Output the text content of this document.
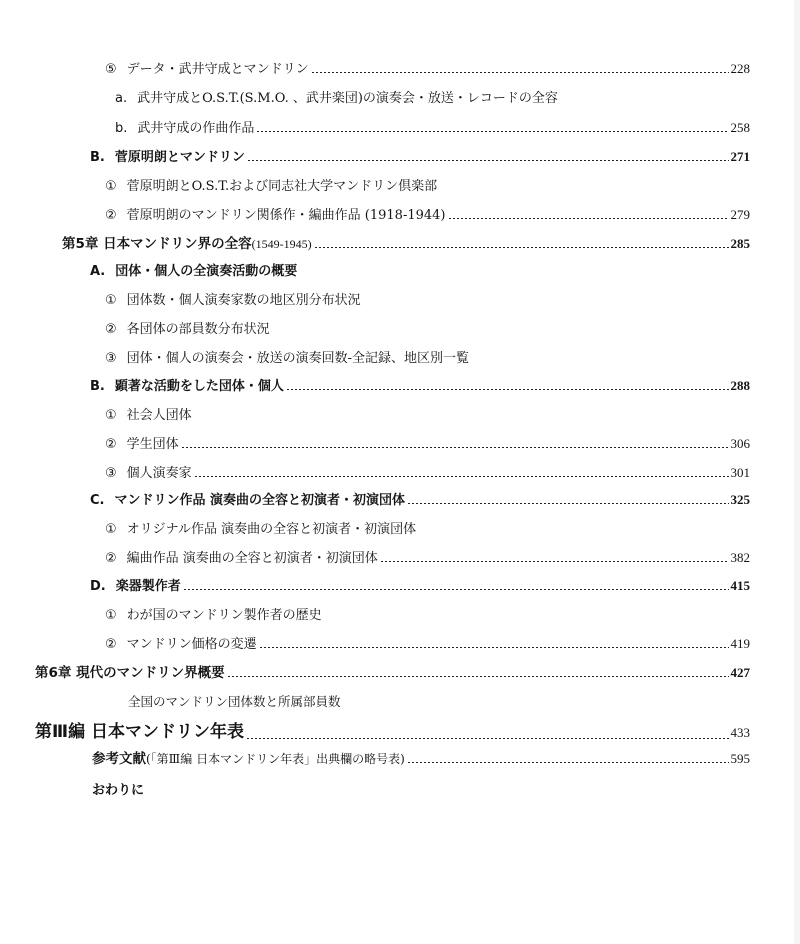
⑤ データ・武井守成とマンドリン	228
a. 武井守成とO.S.T.(S.M.O. 、武井楽団)の演奏会・放送・レコードの全容
b. 武井守成の作曲作品	258
B. 菅原明朗とマンドリン	271
① 菅原明朗とO.S.T.および同志社大学マンドリン倶楽部
② 菅原明朗のマンドリン関係作・編曲作品 (1918-1944)	279
第5章 日本マンドリン界の全容(1549-1945)	285
A. 団体・個人の全演奏活動の概要
① 団体数・個人演奏家数の地区別分布状況
② 各団体の部員数分布状況
③ 団体・個人の演奏会・放送の演奏回数-全記録、地区別一覧
B. 顕著な活動をした団体・個人	288
① 社会人団体
② 学生団体	306
③ 個人演奏家	301
C. マンドリン作品 演奏曲の全容と初演者・初演団体	325
① オリジナル作品 演奏曲の全容と初演者・初演団体
② 編曲作品 演奏曲の全容と初演者・初演団体	382
D. 楽器製作者	415
① わが国のマンドリン製作者の歴史
② マンドリン価格の変遷	419
第6章 現代のマンドリン界概要	427
全国のマンドリン団体数と所属部員数
第Ⅲ編 日本マンドリン年表	433
参考文献(「第Ⅲ編 日本マンドリン年表」出典欄の略号表)	595
おわりに
